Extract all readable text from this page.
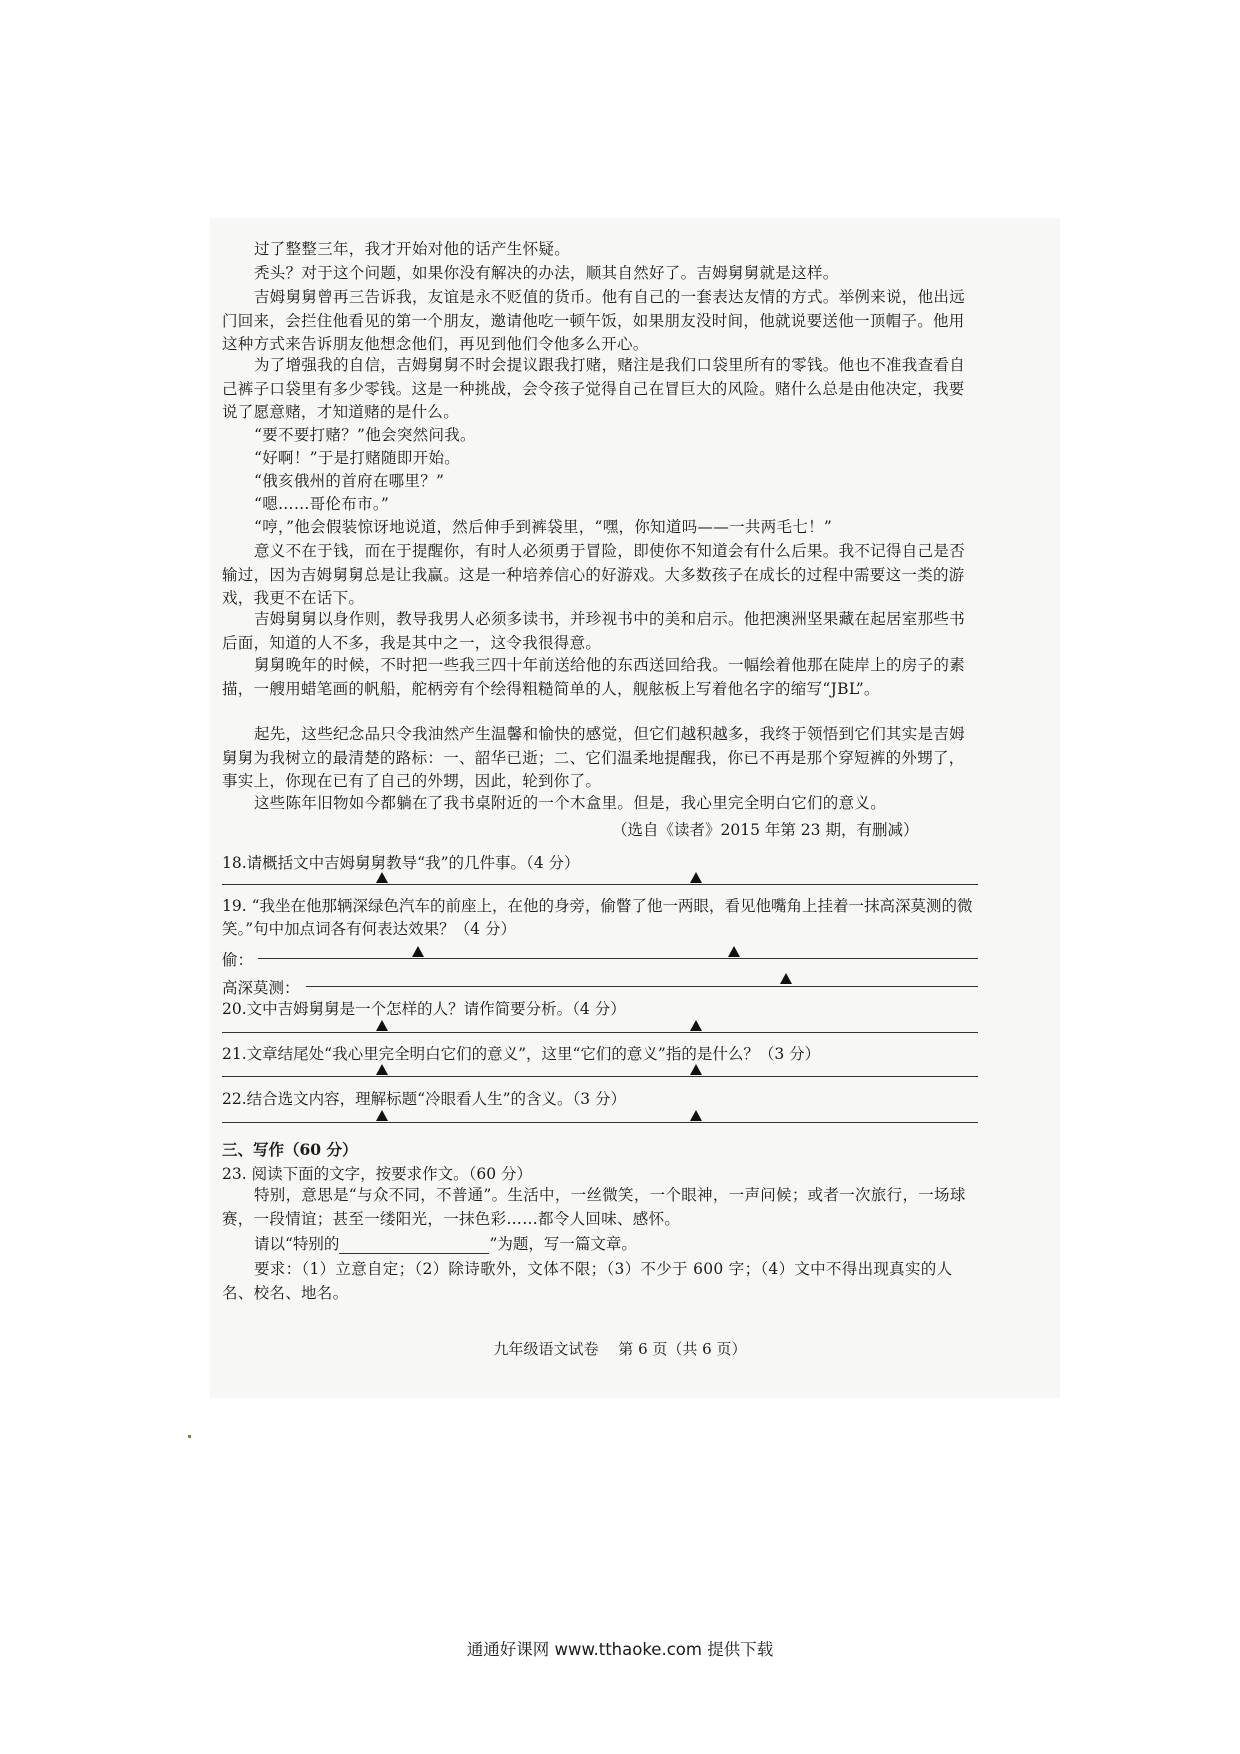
过了整整三年，我才开始对他的话产生怀疑。

秃头？对于这个问题，如果你没有解决的办法，顺其自然好了。吉姆舅舅就是这样。

吉姆舅舅曾再三告诉我，友谊是永不贬值的货币。他有自己的一套表达友情的方式。举例来说，他出远门回来，会拦住他看见的第一个朋友，邀请他吃一顿午饭，如果朋友没时间，他就说要送他一顶帽子。他用这种方式来告诉朋友他想念他们，再见到他们令他多么开心。

为了增强我的自信，吉姆舅舅不时会提议跟我打赌，赌注是我们口袋里所有的零钱。他也不准我查看自己裤子口袋里有多少零钱。这是一种挑战，会令孩子觉得自己在冒巨大的风险。赌什么总是由他决定，我要说了愿意赌，才知道赌的是什么。

“要不要打赌？”他会突然问我。

“好啊！”于是打赌随即开始。

“俄亥俄州的首府在哪里？”

“嗯……哥伦布市。”

“哼，”他会假装惊讶地说道，然后伸手到裤袋里，“嘿，你知道吗——一共两毛七！”

意义不在于钱，而在于提醒你，有时人必须勇于冒险，即使你不知道会有什么后果。我不记得自己是否输过，因为吉姆舅舅总是让我赢。这是一种培养信心的好游戏。大多数孩子在成长的过程中需要这一类的游戏，我更不在话下。

吉姆舅舅以身作则，教导我男人必须多读书，并珍视书中的美和启示。他把澳洲坚果藏在起居室那些书后面，知道的人不多，我是其中之一，这令我很得意。

舅舅晚年的时候，不时把一些我三四十年前送给他的东西送回给我。一幅绘着他那在陡岸上的房子的素描，一艘用蜡笔画的帆船，舵柄旁有个绘得粗糙简单的人，舰舷板上写着他名字的缩写“JBL”。

起先，这些纪念品只令我油然产生温馨和愉快的感觉，但它们越积越多，我终于领悟到它们其实是吉姆舅舅为我树立的最清楚的路标：一、韶华已逝；二、它们温柔地提醒我，你已不再是那个穿短裤的外甥了，事实上，你现在已有了自己的外甥，因此，轮到你了。

这些陈年旧物如今都躺在了我书桌附近的一个木盒里。但是，我心里完全明白它们的意义。

（选自《读者》2015 年第 23 期，有删减）
18.请概括文中吉姆舅舅教导“我”的几件事。（4 分）
19. “我坐在他那辆深绿色汽车的前座上，在他的身旁，偷瞥了他一两眼，看见他嘴角上挂着一抹高深莫测的微笑。”句中加点词各有何表达效果？（4 分）
偷：
高深莫测：
20.文中吉姆舅舅是一个怎样的人？请作简要分析。（4 分）
21.文章结尾处“我心里完全明白它们的意义”，这里“它们的意义”指的是什么？（3 分）
22.结合选文内容，理解标题“冷眼看人生”的含义。（3 分）
三、写作（60 分）
23. 阅读下面的文字，按要求作文。（60 分）

特别，意思是“与众不同，不普通”。生活中，一丝微笑，一个眼神，一声问候；或者一次旅行，一场球赛，一段情谊；甚至一缕阳光，一抹色彩……都令人回味、感怀。

请以“特别的	”为题，写一篇文章。

要求：（1）立意自定；（2）除诗歌外，文体不限；（3）不少于 600 字；（4）文中不得出现真实的人名、校名、地名。

九年级语文试卷　 第 6 页（共 6 页）
通通好课网 www.tthaoke.com 提供下载
